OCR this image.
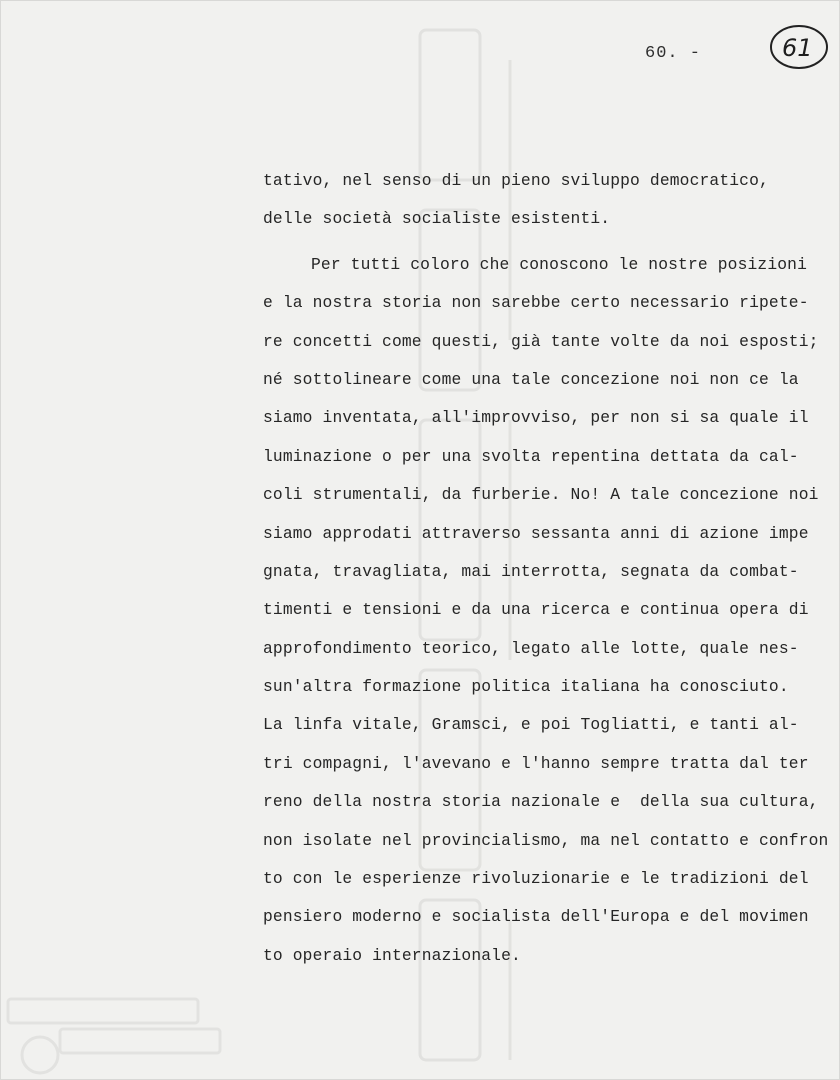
60. -	61
tativo, nel senso di un pieno sviluppo democratico,
delle società socialiste esistenti.
Per tutti coloro che conoscono le nostre posizioni
e la nostra storia non sarebbe certo necessario ripete-
re concetti come questi, già tante volte da noi esposti;
né sottolineare come una tale concezione noi non ce la
siamo inventata, all'improvviso, per non si sa quale il
luminazione o per una svolta repentina dettata da cal-
coli strumentali, da furberie. No! A tale concezione noi
siamo approdati attraverso sessanta anni di azione impe
gnata, travagliata, mai interrotta, segnata da combat-
timenti e tensioni e da una ricerca e continua opera di
approfondimento teorico, legato alle lotte, quale nes-
sun'altra formazione politica italiana ha conosciuto.
La linfa vitale, Gramsci, e poi Togliatti, e tanti al-
tri compagni, l'avevano e l'hanno sempre tratta dal ter
reno della nostra storia nazionale e  della sua cultura,
non isolate nel provincialismo, ma nel contatto e confron
to con le esperienze rivoluzionarie e le tradizioni del
pensiero moderno e socialista dell'Europa e del movimen
to operaio internazionale.
